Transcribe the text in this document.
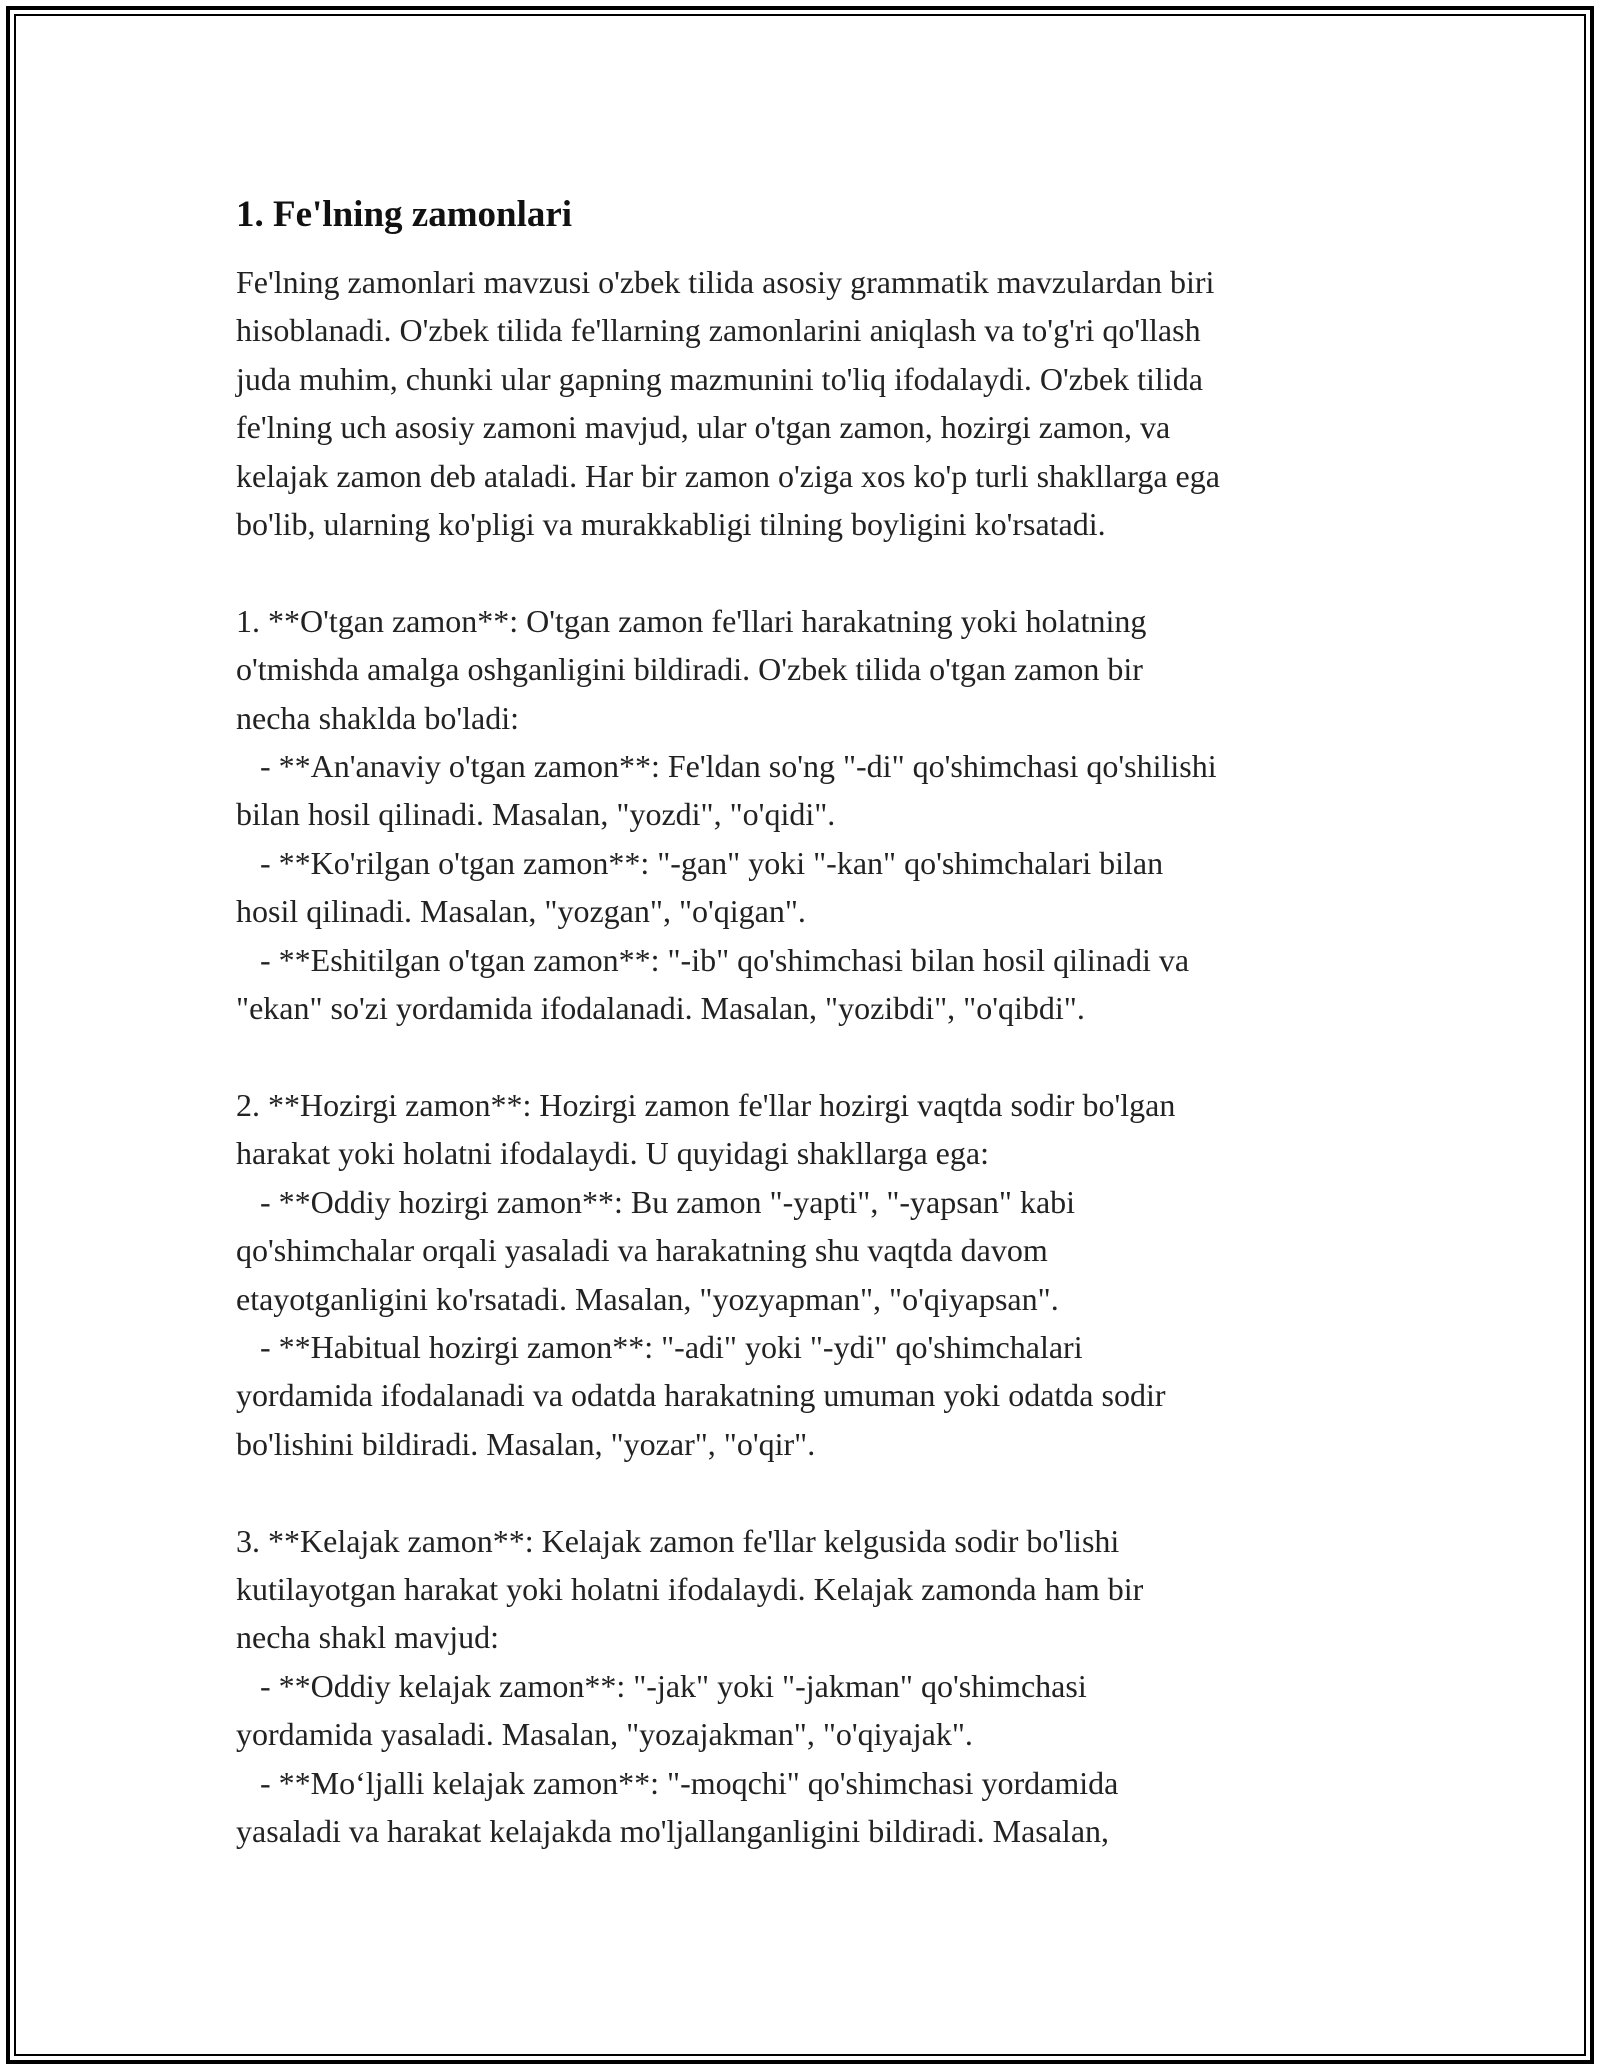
1. Fe'lning zamonlari
Fe'lning zamonlari mavzusi o'zbek tilida asosiy grammatik mavzulardan biri
hisoblanadi. O'zbek tilida fe'llarning zamonlarini aniqlash va to'g'ri qo'llash
juda muhim, chunki ular gapning mazmunini to'liq ifodalaydi. O'zbek tilida
fe'lning uch asosiy zamoni mavjud, ular o'tgan zamon, hozirgi zamon, va
kelajak zamon deb ataladi. Har bir zamon o'ziga xos ko'p turli shakllarga ega
bo'lib, ularning ko'pligi va murakkabligi tilning boyligini ko'rsatadi.
1. **O'tgan zamon**: O'tgan zamon fe'llari harakatning yoki holatning
o'tmishda amalga oshganligini bildiradi. O'zbek tilida o'tgan zamon bir
necha shaklda bo'ladi:
- **An'anaviy o'tgan zamon**: Fe'ldan so'ng "-di" qo'shimchasi qo'shilishi
bilan hosil qilinadi. Masalan, "yozdi", "o'qidi".
- **Ko'rilgan o'tgan zamon**: "-gan" yoki "-kan" qo'shimchalari bilan
hosil qilinadi. Masalan, "yozgan", "o'qigan".
- **Eshitilgan o'tgan zamon**: "-ib" qo'shimchasi bilan hosil qilinadi va
"ekan" so'zi yordamida ifodalanadi. Masalan, "yozibdi", "o'qibdi".
2. **Hozirgi zamon**: Hozirgi zamon fe'llar hozirgi vaqtda sodir bo'lgan
harakat yoki holatni ifodalaydi. U quyidagi shakllarga ega:
- **Oddiy hozirgi zamon**: Bu zamon "-yapti", "-yapsan" kabi
qo'shimchalar orqali yasaladi va harakatning shu vaqtda davom
etayotganligini ko'rsatadi. Masalan, "yozyapman", "o'qiyapsan".
- **Habitual hozirgi zamon**: "-adi" yoki "-ydi" qo'shimchalari
yordamida ifodalanadi va odatda harakatning umuman yoki odatda sodir
bo'lishini bildiradi. Masalan, "yozar", "o'qir".
3. **Kelajak zamon**: Kelajak zamon fe'llar kelgusida sodir bo'lishi
kutilayotgan harakat yoki holatni ifodalaydi. Kelajak zamonda ham bir
necha shakl mavjud:
- **Oddiy kelajak zamon**: "-jak" yoki "-jakman" qo'shimchasi
yordamida yasaladi. Masalan, "yozajakman", "o'qiyajak".
- **Mo‘ljalli kelajak zamon**: "-moqchi" qo'shimchasi yordamida
yasaladi va harakat kelajakda mo'ljallanganligini bildiradi. Masalan,
